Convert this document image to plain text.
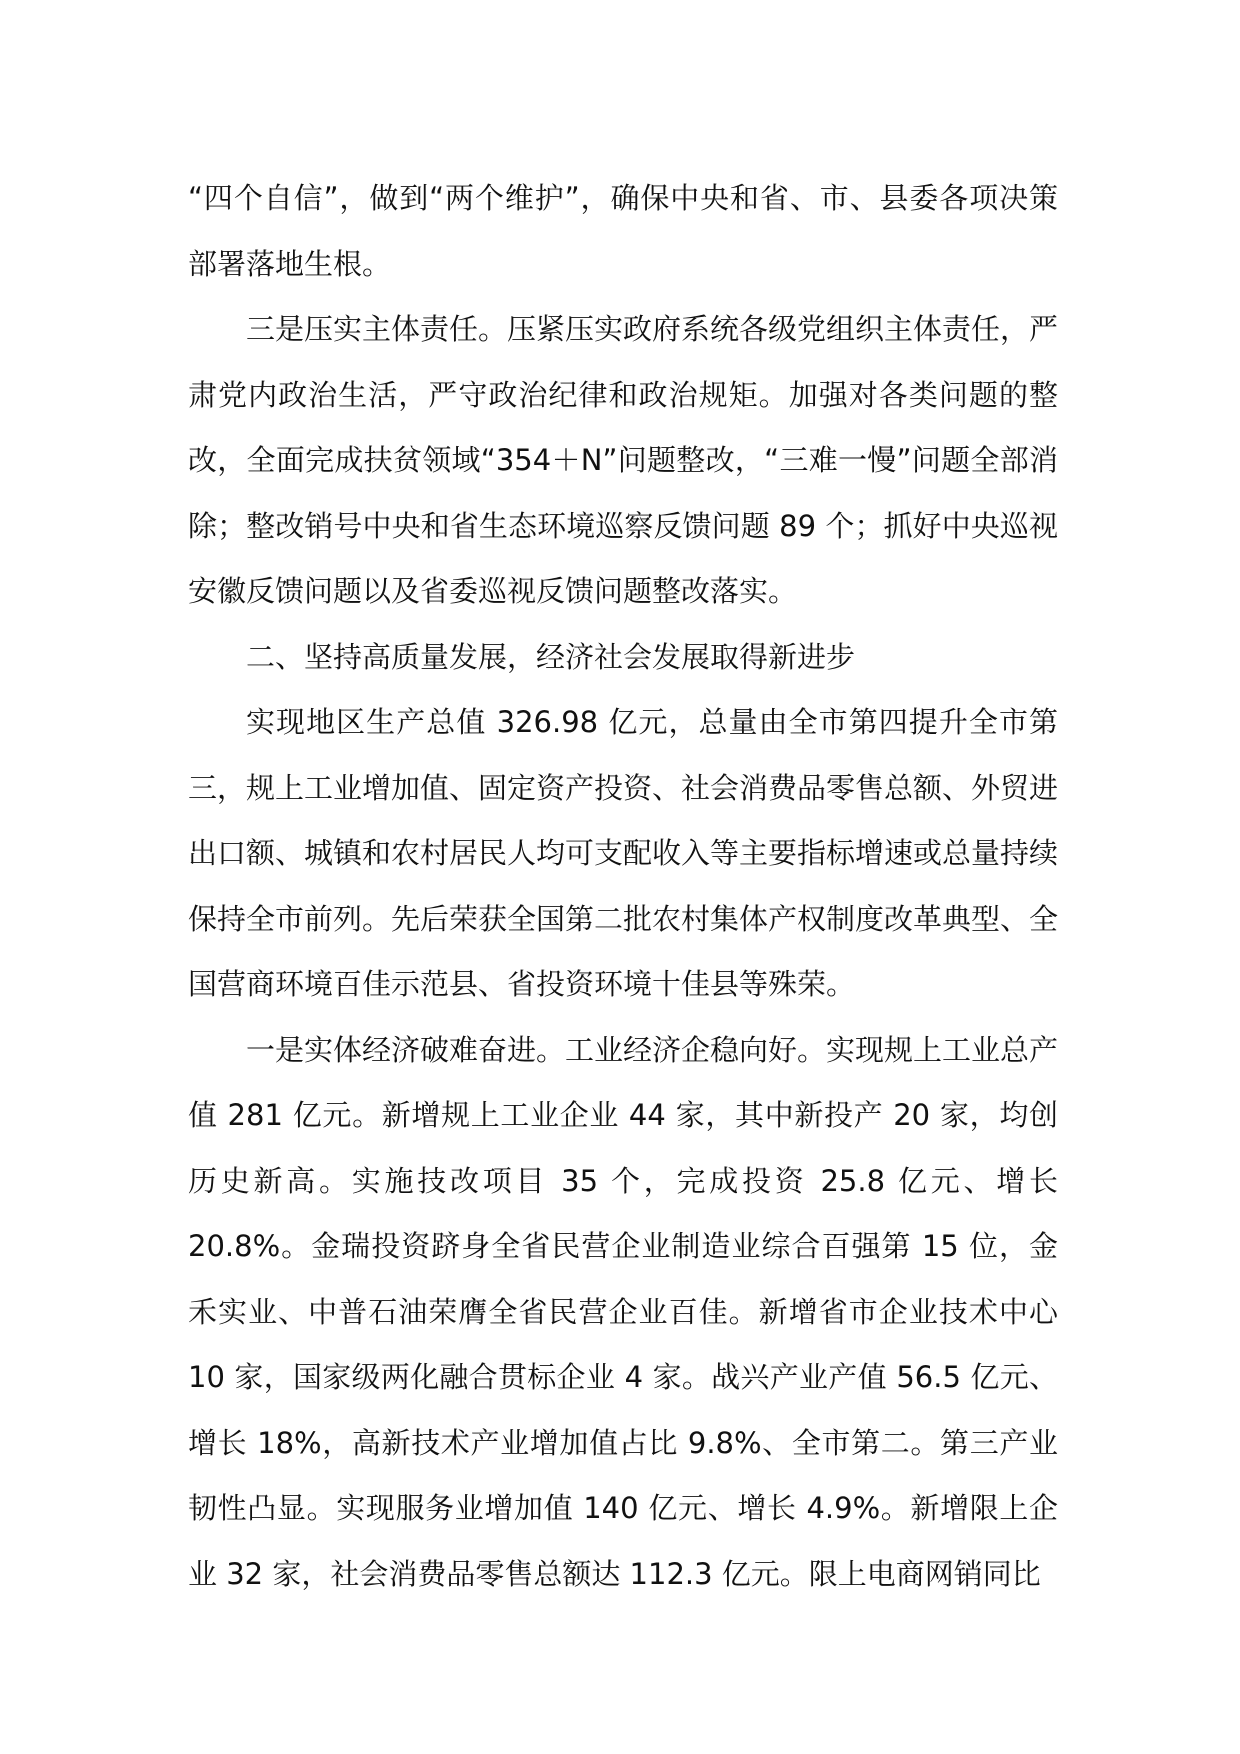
“四个自信”，做到“两个维护”，确保中央和省、市、县委各项决策部署落地生根。

三是压实主体责任。压紧压实政府系统各级党组织主体责任，严肃党内政治生活，严守政治纪律和政治规矩。加强对各类问题的整改，全面完成扶贫领域“354＋N”问题整改，“三难一慢”问题全部消除；整改销号中央和省生态环境巡察反馈问题 89 个；抓好中央巡视安徽反馈问题以及省委巡视反馈问题整改落实。

二、坚持高质量发展，经济社会发展取得新进步

实现地区生产总值 326.98 亿元，总量由全市第四提升全市第三，规上工业增加值、固定资产投资、社会消费品零售总额、外贸进出口额、城镇和农村居民人均可支配收入等主要指标增速或总量持续保持全市前列。先后荣获全国第二批农村集体产权制度改革典型、全国营商环境百佳示范县、省投资环境十佳县等殊荣。

一是实体经济破难奋进。工业经济企稳向好。实现规上工业总产值 281 亿元。新增规上工业企业 44 家，其中新投产 20 家，均创历史新高。实施技改项目 35 个，完成投资 25.8 亿元、增长 20.8%。金瑞投资跻身全省民营企业制造业综合百强第 15 位，金禾实业、中普石油荣膺全省民营企业百佳。新增省市企业技术中心 10 家，国家级两化融合贯标企业 4 家。战兴产业产值 56.5 亿元、增长 18%，高新技术产业增加值占比 9.8%、全市第二。第三产业韧性凸显。实现服务业增加值 140 亿元、增长 4.9%。新增限上企业 32 家，社会消费品零售总额达 112.3 亿元。限上电商网销同比
